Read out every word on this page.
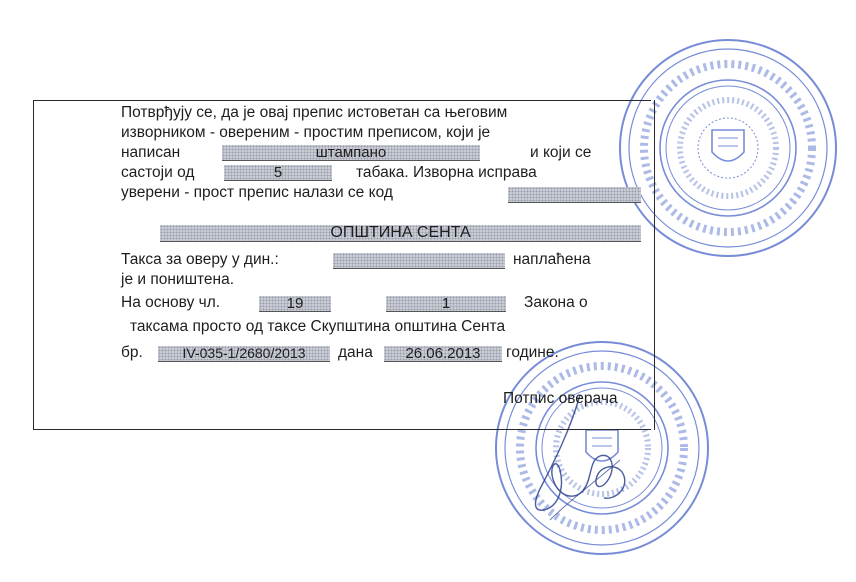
Потврђују се, да је овај препис истоветан са његовим
изворником - овереним - простим преписом, који је
написан	штампано	и који се
састоји од	5	табака. Изворна исправа
уверени - прост препис налази се код
ОПШТИНА СЕНТА
Такса за оверу у дин.:	наплаћена
је и поништена.
На основу чл.	19	1	Закона о
таксама просто од таксе Скупштина општина Сента
бр.	IV-035-1/2680/2013	дана	26.06.2013	године.
Потпис оверача
